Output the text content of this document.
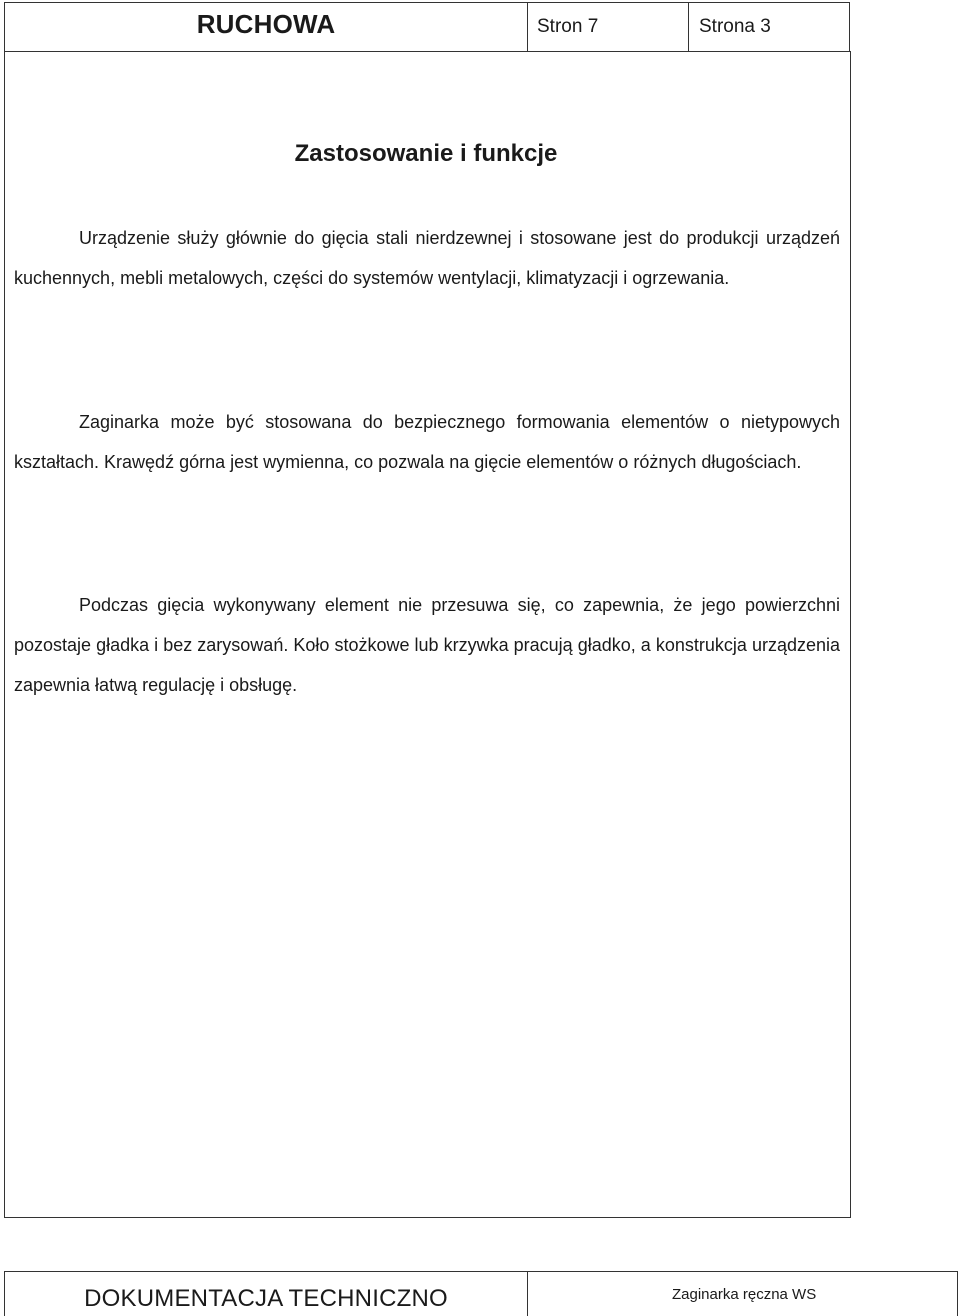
RUCHOWA	Stron 7	Strona 3
Zastosowanie i funkcje
Urządzenie służy głównie do gięcia stali nierdzewnej i stosowane jest do produkcji urządzeń kuchennych, mebli metalowych, części do systemów wentylacji, klimatyzacji i ogrzewania.
Zaginarka może być stosowana do bezpiecznego formowania elementów o nietypowych kształtach. Krawędź górna jest wymienna, co pozwala na gięcie elementów o różnych długościach.
Podczas gięcia wykonywany element nie przesuwa się, co zapewnia, że jego powierzchni pozostaje gładka i bez zarysowań. Koło stożkowe lub krzywka pracują gładko, a konstrukcja urządzenia zapewnia łatwą regulację i obsługę.
DOKUMENTACJA TECHNICZNO	Zaginarka ręczna WS
